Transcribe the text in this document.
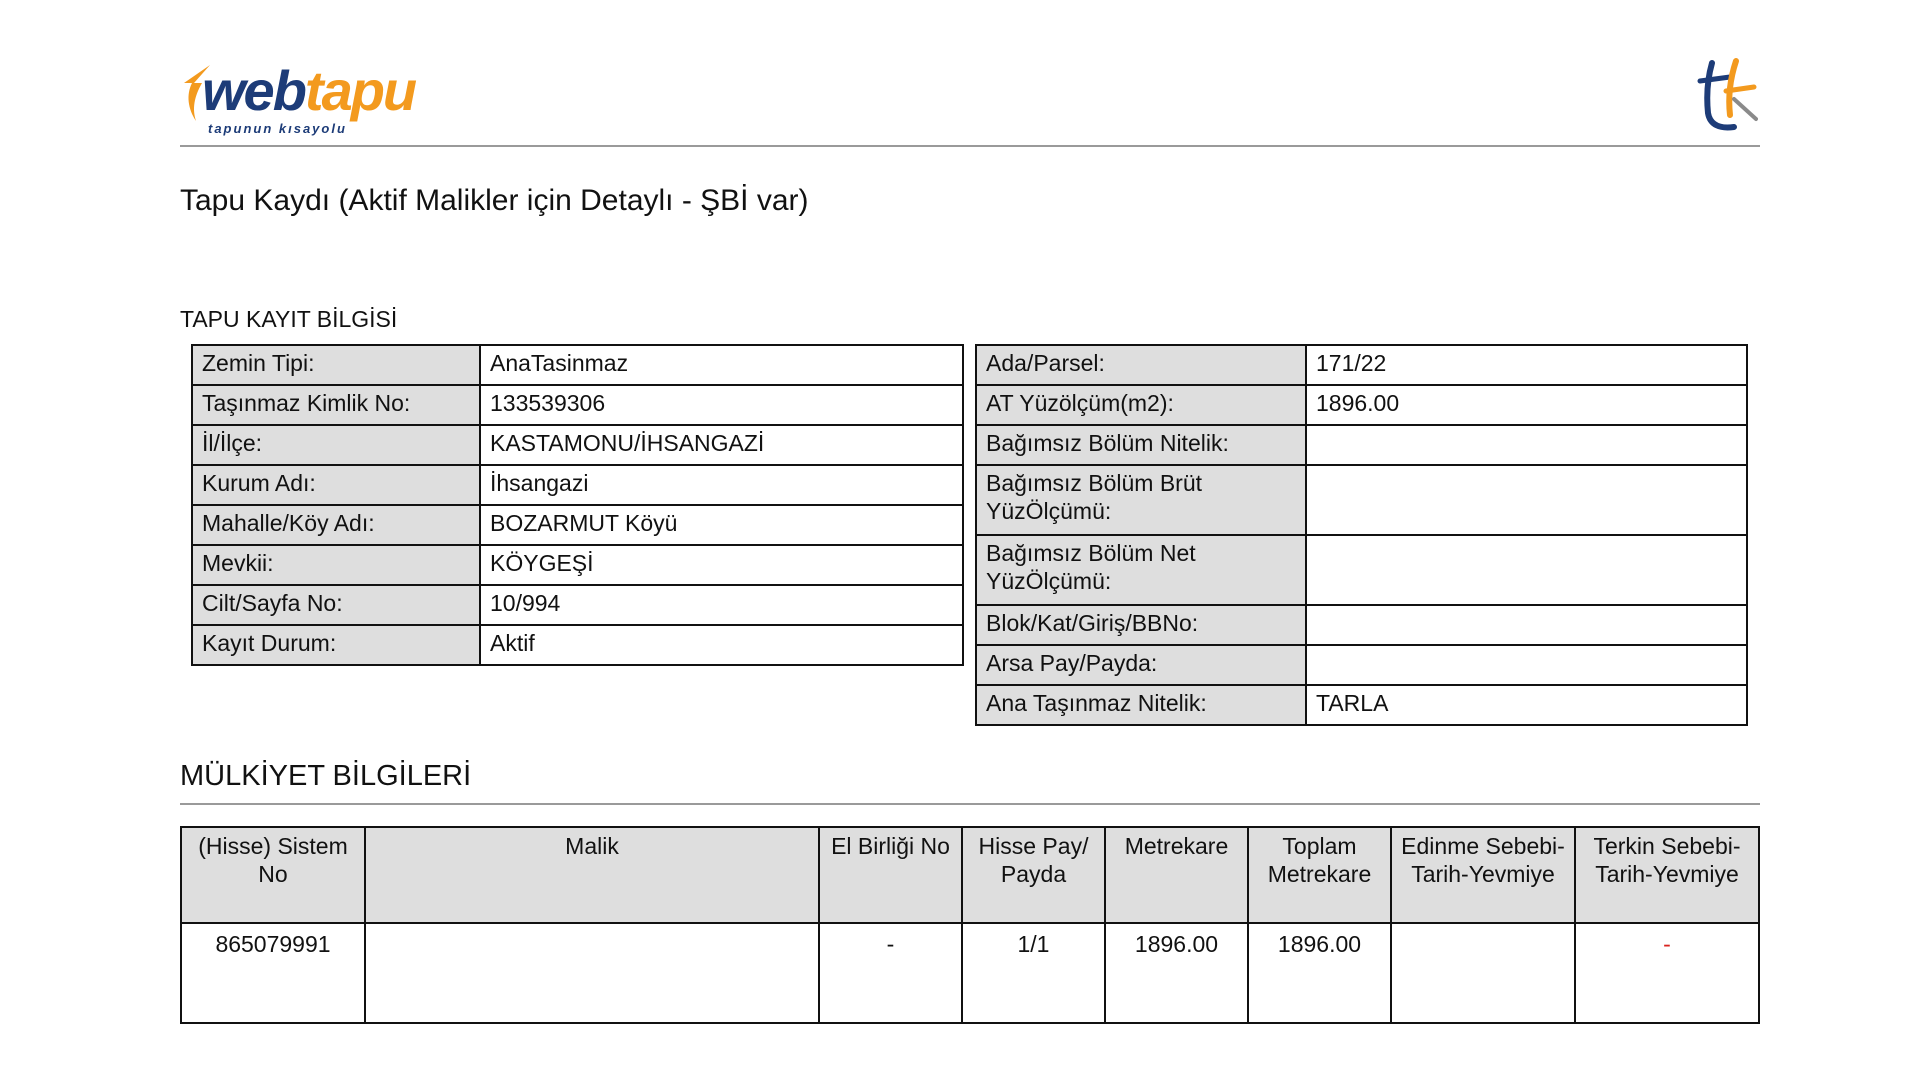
webtapu
tapunun kısayolu
Tapu Kaydı (Aktif Malikler için Detaylı - ŞBİ var)
TAPU KAYIT BİLGİSİ
Zemin Tipi:	AnaTasinmaz
Taşınmaz Kimlik No:	133539306
İl/İlçe:	KASTAMONU/İHSANGAZİ
Kurum Adı:	İhsangazi
Mahalle/Köy Adı:	BOZARMUT Köyü
Mevkii:	KÖYGEŞİ
Cilt/Sayfa No:	10/994
Kayıt Durum:	Aktif
Ada/Parsel:	171/22
AT Yüzölçüm(m2):	1896.00
Bağımsız Bölüm Nitelik:	
Bağımsız Bölüm Brüt YüzÖlçümü:	
Bağımsız Bölüm Net YüzÖlçümü:	
Blok/Kat/Giriş/BBNo:	
Arsa Pay/Payda:	
Ana Taşınmaz Nitelik:	TARLA
MÜLKİYET BİLGİLERİ
(Hisse) Sistem No	Malik	El Birliği No	Hisse Pay/ Payda	Metrekare	Toplam Metrekare	Edinme Sebebi-Tarih-Yevmiye	Terkin Sebebi-Tarih-Yevmiye
865079991		-	1/1	1896.00	1896.00		-
